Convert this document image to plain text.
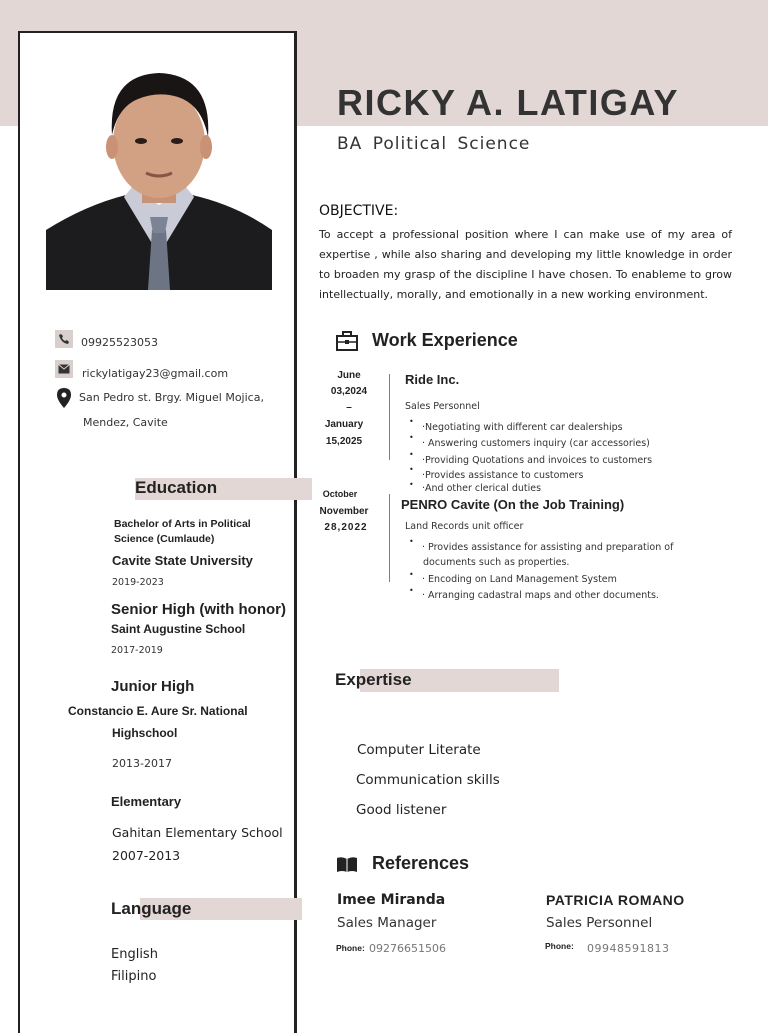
RICKY A. LATIGAY
BA Political Science
OBJECTIVE:
To accept a professional position where I can make use of my area of expertise , while also sharing and developing my little knowledge in order to broaden my grasp of the discipline I have chosen. To enableme to grow intellectually, morally, and emotionally in a new working environment.
09925523053
rickylatigay23@gmail.com
San Pedro st. Brgy. Miguel Mojica,
Mendez, Cavite
Education
Bachelor of Arts in Political
Science (Cumlaude)
Cavite State University
2019-2023
Senior High (with honor)
Saint Augustine School
2017-2019
Junior High
Constancio E. Aure Sr. National
Highschool
2013-2017
Elementary
Gahitan Elementary School
2007-2013
Language
English
Filipino
Work Experience
June
03,2024
–
January
15,2025
Ride Inc.
Sales Personnel
•
·Negotiating with different car dealerships
•
· Answering customers inquiry (car accessories)
•
·Providing Quotations and invoices to customers
•
·Provides assistance to customers
• ·And other clerical duties
October
November
28,2022
PENRO Cavite (On the Job Training)
Land Records unit officer
•
· Provides assistance for assisting and preparation of
documents such as properties.
• · Encoding on Land Management System
• · Arranging cadastral maps and other documents.
Expertise
Computer Literate
Communication skills
Good listener
References
Imee Miranda
Sales Manager
Phone: 09276651506
PATRICIA ROMANO
Sales Personnel
Phone: 09948591813
